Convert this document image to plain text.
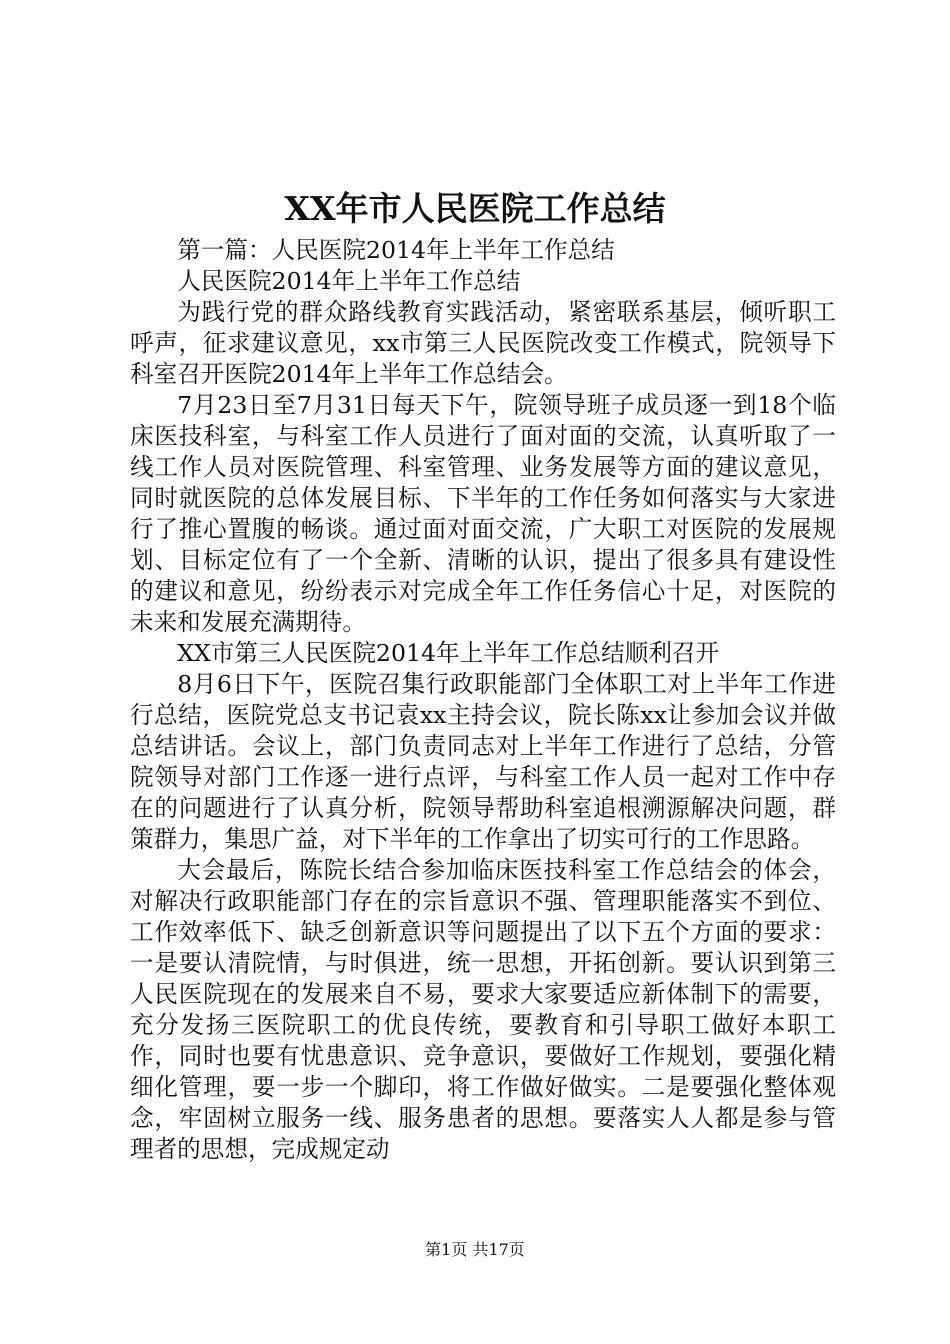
XX年市人民医院工作总结

第一篇：人民医院2014年上半年工作总结

人民医院2014年上半年工作总结

为践行党的群众路线教育实践活动，紧密联系基层，倾听职工呼声，征求建议意见，xx市第三人民医院改变工作模式，院领导下科室召开医院2014年上半年工作总结会。

7月23日至7月31日每天下午，院领导班子成员逐一到18个临床医技科室，与科室工作人员进行了面对面的交流，认真听取了一线工作人员对医院管理、科室管理、业务发展等方面的建议意见，同时就医院的总体发展目标、下半年的工作任务如何落实与大家进行了推心置腹的畅谈。通过面对面交流，广大职工对医院的发展规划、目标定位有了一个全新、清晰的认识，提出了很多具有建设性的建议和意见，纷纷表示对完成全年工作任务信心十足，对医院的未来和发展充满期待。

XX市第三人民医院2014年上半年工作总结顺利召开

8月6日下午，医院召集行政职能部门全体职工对上半年工作进行总结，医院党总支书记袁xx主持会议，院长陈xx让参加会议并做总结讲话。会议上，部门负责同志对上半年工作进行了总结，分管院领导对部门工作逐一进行点评，与科室工作人员一起对工作中存在的问题进行了认真分析，院领导帮助科室追根溯源解决问题，群策群力，集思广益，对下半年的工作拿出了切实可行的工作思路。

大会最后，陈院长结合参加临床医技科室工作总结会的体会，对解决行政职能部门存在的宗旨意识不强、管理职能落实不到位、工作效率低下、缺乏创新意识等问题提出了以下五个方面的要求：一是要认清院情，与时俱进，统一思想，开拓创新。要认识到第三人民医院现在的发展来自不易，要求大家要适应新体制下的需要，充分发扬三医院职工的优良传统，要教育和引导职工做好本职工作，同时也要有忧患意识、竞争意识，要做好工作规划，要强化精细化管理，要一步一个脚印，将工作做好做实。二是要强化整体观念，牢固树立服务一线、服务患者的思想。要落实人人都是参与管理者的思想，完成规定动

第1页 共17页
